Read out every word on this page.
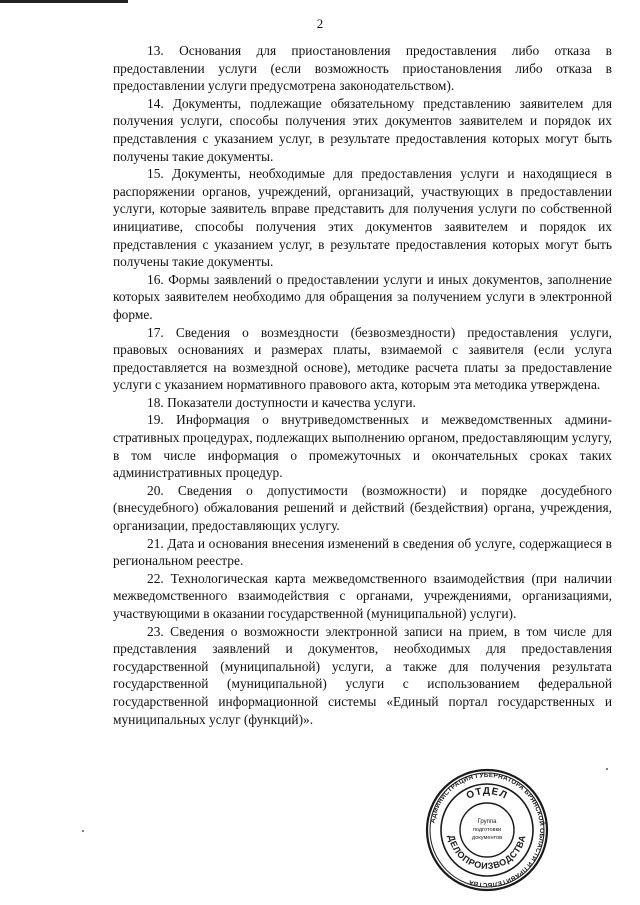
2

13. Основания для приостановления предоставления либо отказа в предоставлении услуги (если возможность приостановления либо отказа в предоставлении услуги предусмотрена законодательством).

14. Документы, подлежащие обязательному представлению заявителем для получения услуги, способы получения этих документов заявителем и порядок их представления с указанием услуг, в результате предоставления которых могут быть получены такие документы.

15. Документы, необходимые для предоставления услуги и находящиеся в распоряжении органов, учреждений, организаций, участвующих в предоставлении услуги, которые заявитель вправе представить для получения услуги по собственной инициативе, способы получения этих документов заявителем и порядок их представления с указанием услуг, в результате предоставления которых могут быть получены такие документы.

16. Формы заявлений о предоставлении услуги и иных документов, заполнение которых заявителем необходимо для обращения за получением услуги в электронной форме.

17. Сведения о возмездности (безвозмездности) предоставления услуги, правовых основаниях и размерах платы, взимаемой с заявителя (если услуга предоставляется на возмездной основе), методике расчета платы за предоставление услуги с указанием нормативного правового акта, которым эта методика утверждена.

18. Показатели доступности и качества услуги.

19. Информация о внутриведомственных и межведомственных административных процедурах, подлежащих выполнению органом, предоставляющим услугу, в том числе информация о промежуточных и окончательных сроках таких административных процедур.

20. Сведения о допустимости (возможности) и порядке досудебного (внесудебного) обжалования решений и действий (бездействия) органа, учреждения, организации, предоставляющих услугу.

21. Дата и основания внесения изменений в сведения об услуге, содержащиеся в региональном реестре.

22. Технологическая карта межведомственного взаимодействия (при наличии межведомственного взаимодействия с органами, учреждениями, организациями, участвующими в оказании государственной (муниципальной) услуги).

23. Сведения о возможности электронной записи на прием, в том числе для представления заявлений и документов, необходимых для предоставления государственной (муниципальной) услуги, а также для получения результата государственной (муниципальной) услуги с использованием федеральной государственной информационной системы «Единый портал государственных и муниципальных услуг (функций)».

АДМИНИСТРАЦИЯ ГУБЕРНАТОРА БРЯНСКОЙ ОБЛАСТИ И ПРАВИТЕЛЬСТВА
ОТДЕЛ
ДЕЛОПРОИЗВОДСТВА
Группа
подготовки
документов
